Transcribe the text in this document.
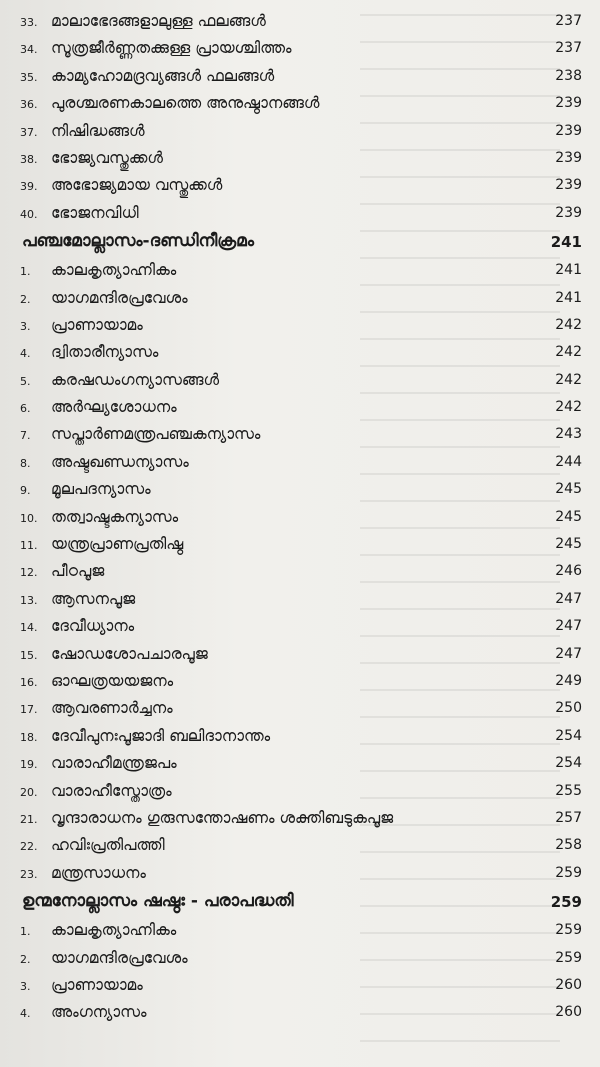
33. മാലാഭേദങ്ങളാലുള്ള ഫലങ്ങൾ	237
34. സൂത്രജീർണ്ണതക്കുള്ള പ്രായശ്ചിത്തം	237
35. കാമ്യഹോമദ്രവ്യങ്ങൾ ഫലങ്ങൾ	238
36. പുരശ്ചരണകാലത്തെ അനുഷ്ഠാനങ്ങൾ	239
37. നിഷിദ്ധങ്ങൾ	239
38. ഭോജ്യവസ്തുക്കൾ	239
39. അഭോജ്യമായ വസ്തുക്കൾ	239
40. ഭോജനവിധി	239
പഞ്ചമോല്ലാസം-ദണ്ഡിനീക്രമം	241
1. കാലകൃത്യാഹ്നികം	241
2. യാഗമന്ദിരപ്രവേശം	241
3. പ്രാണായാമം	242
4. ദ്വിതാരീന്യാസം	242
5. കരഷഡംഗന്യാസങ്ങൾ	242
6. അർഘ്യശോധനം	242
7. സപ്താർണമന്ത്രപഞ്ചകന്യാസം	243
8. അഷ്ടഖണ്ഡന്യാസം	244
9. മൂലപദന്യാസം	245
10. തത്വാഷ്ടകന്യാസം	245
11. യന്ത്രപ്രാണപ്രതിഷ്ഠ	245
12. പീഠപൂജ	246
13. ആസനപൂജ	247
14. ദേവീധ്യാനം	247
15. ഷോഡശോപചാരപൂജ	247
16. ഓഘത്രയയജനം	249
17. ആവരണാർച്ചനം	250
18. ദേവീപുനഃപൂജാദി ബലിദാനാന്തം	254
19. വാരാഹീമന്ത്രജപം	254
20. വാരാഹീസ്തോത്രം	255
21. വൃന്ദാരാധനം ഗുരുസന്തോഷണം ശക്തിബടുകപൂജ	257
22. ഹവിഃപ്രതിപത്തി	258
23. മന്ത്രസാധനം	259
ഉന്മനോല്ലാസം ഷഷ്ഠഃ - പരാപദ്ധതി	259
1. കാലകൃത്യാഹ്നികം	259
2. യാഗമന്ദിരപ്രവേശം	259
3. പ്രാണായാമം	260
4. അംഗന്യാസം	260
